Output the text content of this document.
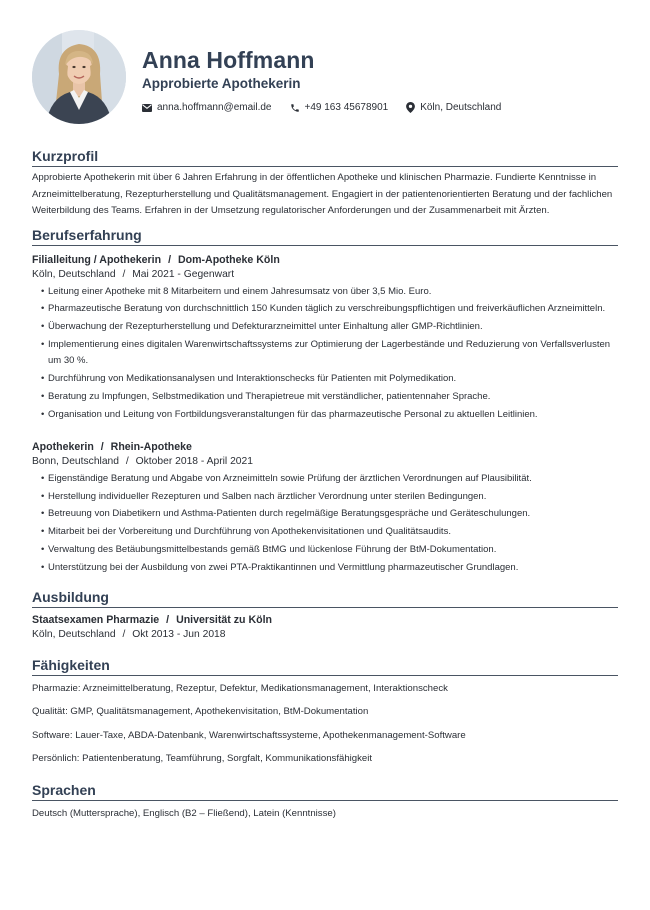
Anna Hoffmann
Approbierte Apothekerin
anna.hoffmann@email.de	+49 163 45678901	Köln, Deutschland
Kurzprofil
Approbierte Apothekerin mit über 6 Jahren Erfahrung in der öffentlichen Apotheke und klinischen Pharmazie. Fundierte Kenntnisse in Arzneimittelberatung, Rezepturherstellung und Qualitätsmanagement. Engagiert in der patientenorientierten Beratung und der fachlichen Weiterbildung des Teams. Erfahren in der Umsetzung regulatorischer Anforderungen und der Zusammenarbeit mit Ärzten.
Berufserfahrung
Filialleitung / Apothekerin / Dom-Apotheke Köln
Köln, Deutschland / Mai 2021 - Gegenwart
• Leitung einer Apotheke mit 8 Mitarbeitern und einem Jahresumsatz von über 3,5 Mio. Euro.
• Pharmazeutische Beratung von durchschnittlich 150 Kunden täglich zu verschreibungspflichtigen und freiverkäuflichen Arzneimitteln.
• Überwachung der Rezepturherstellung und Defekturarzneimittel unter Einhaltung aller GMP-Richtlinien.
• Implementierung eines digitalen Warenwirtschaftssystems zur Optimierung der Lagerbestände und Reduzierung von Verfallsverlusten um 30 %.
• Durchführung von Medikationsanalysen und Interaktionschecks für Patienten mit Polymedikation.
• Beratung zu Impfungen, Selbstmedikation und Therapietreue mit verständlicher, patientennaher Sprache.
• Organisation und Leitung von Fortbildungsveranstaltungen für das pharmazeutische Personal zu aktuellen Leitlinien.
Apothekerin / Rhein-Apotheke
Bonn, Deutschland / Oktober 2018 - April 2021
• Eigenständige Beratung und Abgabe von Arzneimitteln sowie Prüfung der ärztlichen Verordnungen auf Plausibilität.
• Herstellung individueller Rezepturen und Salben nach ärztlicher Verordnung unter sterilen Bedingungen.
• Betreuung von Diabetikern und Asthma-Patienten durch regelmäßige Beratungsgespräche und Geräteschulungen.
• Mitarbeit bei der Vorbereitung und Durchführung von Apothekenvisitationen und Qualitätsaudits.
• Verwaltung des Betäubungsmittelbestands gemäß BtMG und lückenlose Führung der BtM-Dokumentation.
• Unterstützung bei der Ausbildung von zwei PTA-Praktikantinnen und Vermittlung pharmazeutischer Grundlagen.
Ausbildung
Staatsexamen Pharmazie / Universität zu Köln
Köln, Deutschland / Okt 2013 - Jun 2018
Fähigkeiten
Pharmazie: Arzneimittelberatung, Rezeptur, Defektur, Medikationsmanagement, Interaktionscheck
Qualität: GMP, Qualitätsmanagement, Apothekenvisitation, BtM-Dokumentation
Software: Lauer-Taxe, ABDA-Datenbank, Warenwirtschaftssysteme, Apothekenmanagement-Software
Persönlich: Patientenberatung, Teamführung, Sorgfalt, Kommunikationsfähigkeit
Sprachen
Deutsch (Muttersprache), Englisch (B2 – Fließend), Latein (Kenntnisse)
